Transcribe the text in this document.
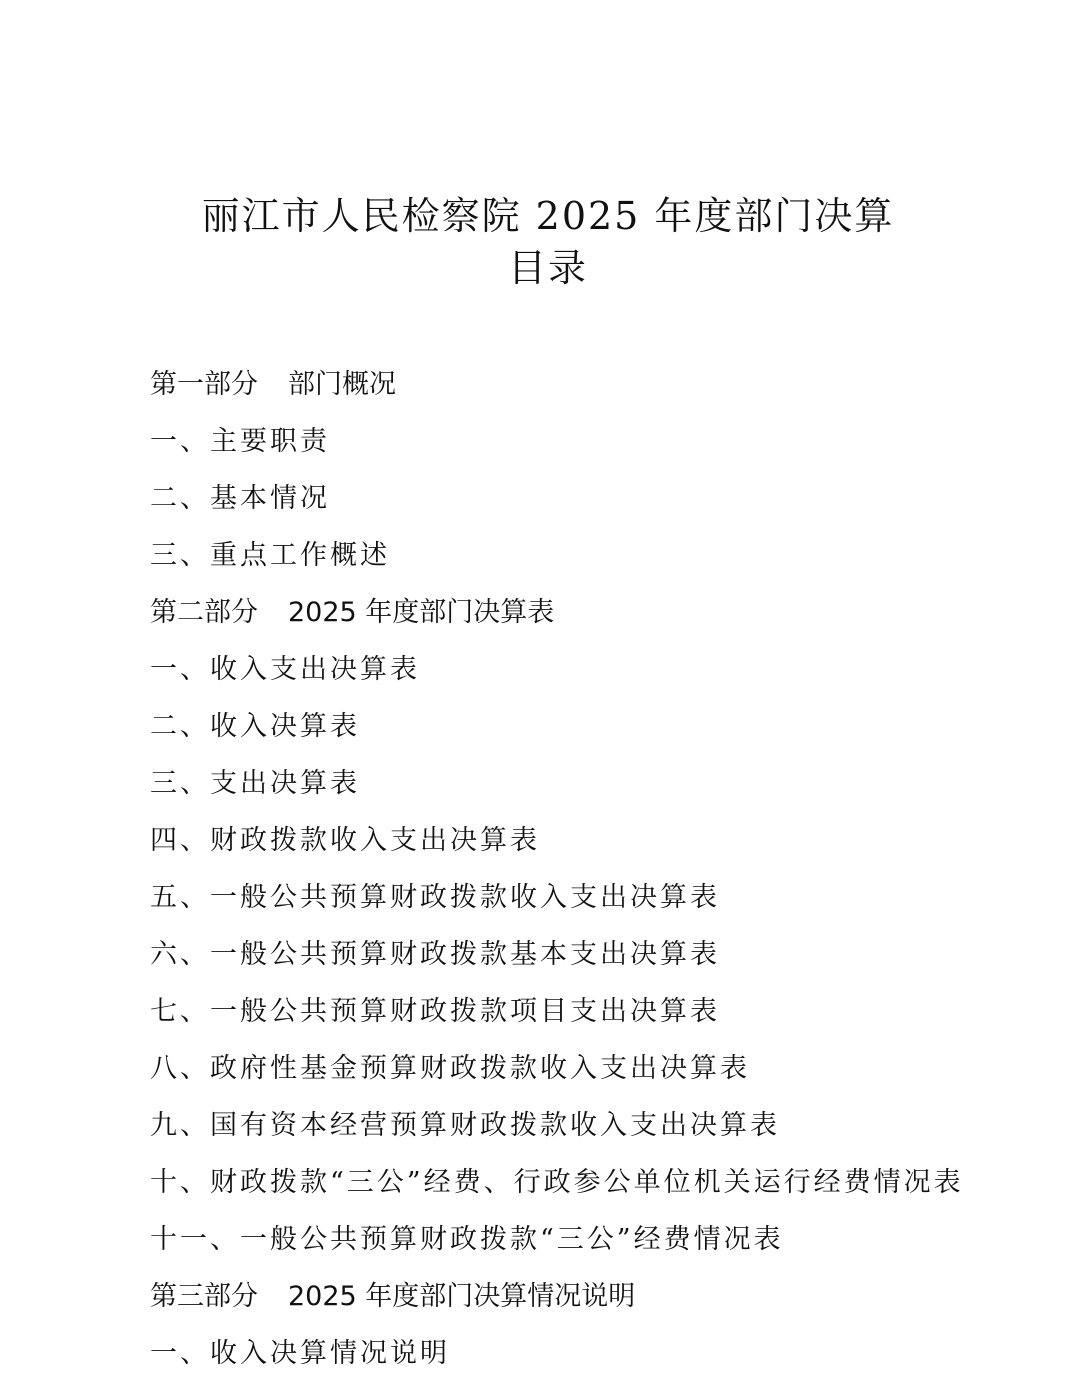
丽江市人民检察院 2025 年度部门决算
目录
第一部分 部门概况
一、主要职责
二、基本情况
三、重点工作概述
第二部分 2025 年度部门决算表
一、收入支出决算表
二、收入决算表
三、支出决算表
四、财政拨款收入支出决算表
五、一般公共预算财政拨款收入支出决算表
六、一般公共预算财政拨款基本支出决算表
七、一般公共预算财政拨款项目支出决算表
八、政府性基金预算财政拨款收入支出决算表
九、国有资本经营预算财政拨款收入支出决算表
十、财政拨款“三公”经费、行政参公单位机关运行经费情况表
十一、一般公共预算财政拨款“三公”经费情况表
第三部分 2025 年度部门决算情况说明
一、收入决算情况说明
